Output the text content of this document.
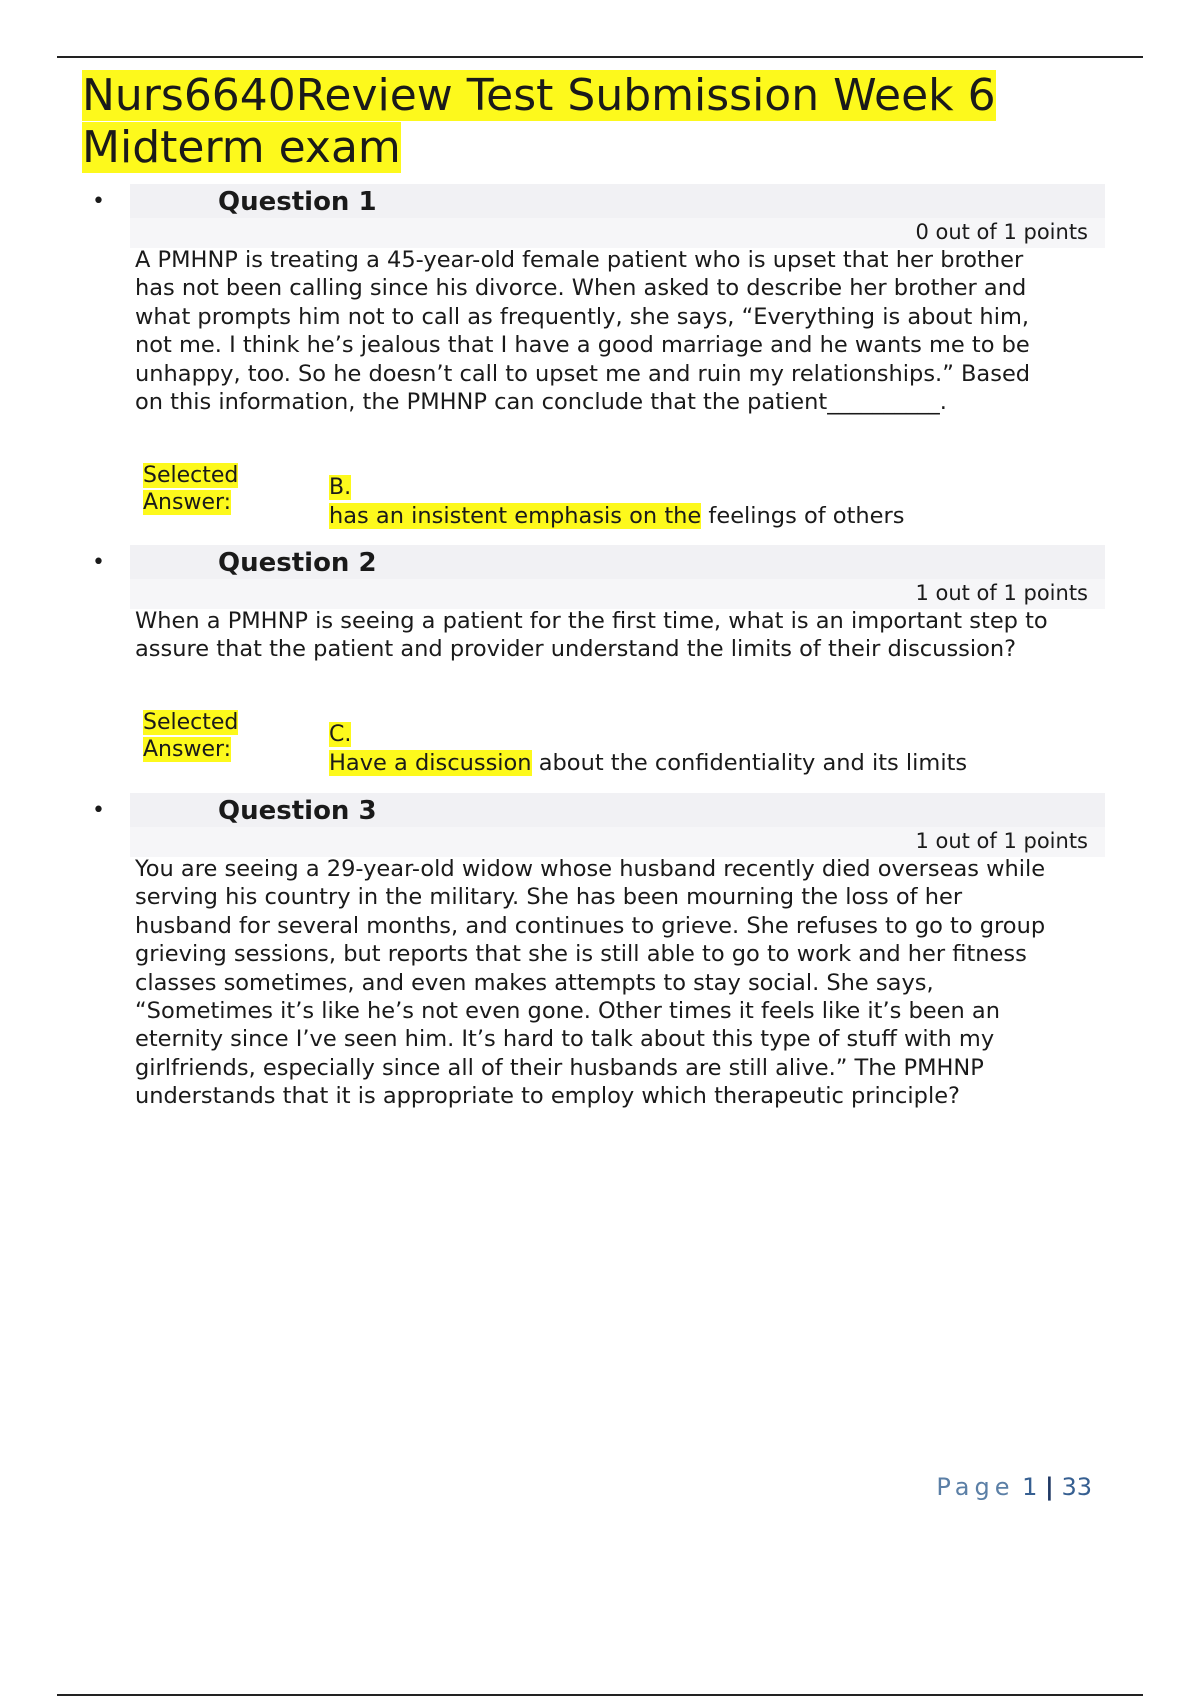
Nurs6640Review Test Submission Week 6 Midterm exam
•	Question 1
0 out of 1 points
A PMHNP is treating a 45-year-old female patient who is upset that her brother has not been calling since his divorce. When asked to describe her brother and what prompts him not to call as frequently, she says, “Everything is about him, not me. I think he’s jealous that I have a good marriage and he wants me to be unhappy, too. So he doesn’t call to upset me and ruin my relationships.” Based on this information, the PMHNP can conclude that the patient__________.
Selected Answer:
B.
has an insistent emphasis on the feelings of others
•	Question 2
1 out of 1 points
When a PMHNP is seeing a patient for the first time, what is an important step to assure that the patient and provider understand the limits of their discussion?
Selected Answer:
C.
Have a discussion about the confidentiality and its limits
•	Question 3
1 out of 1 points
You are seeing a 29-year-old widow whose husband recently died overseas while serving his country in the military. She has been mourning the loss of her husband for several months, and continues to grieve. She refuses to go to group grieving sessions, but reports that she is still able to go to work and her fitness classes sometimes, and even makes attempts to stay social. She says, “Sometimes it’s like he’s not even gone. Other times it feels like it’s been an eternity since I’ve seen him. It’s hard to talk about this type of stuff with my girlfriends, especially since all of their husbands are still alive.” The PMHNP understands that it is appropriate to employ which therapeutic principle?
Page 1 | 33
